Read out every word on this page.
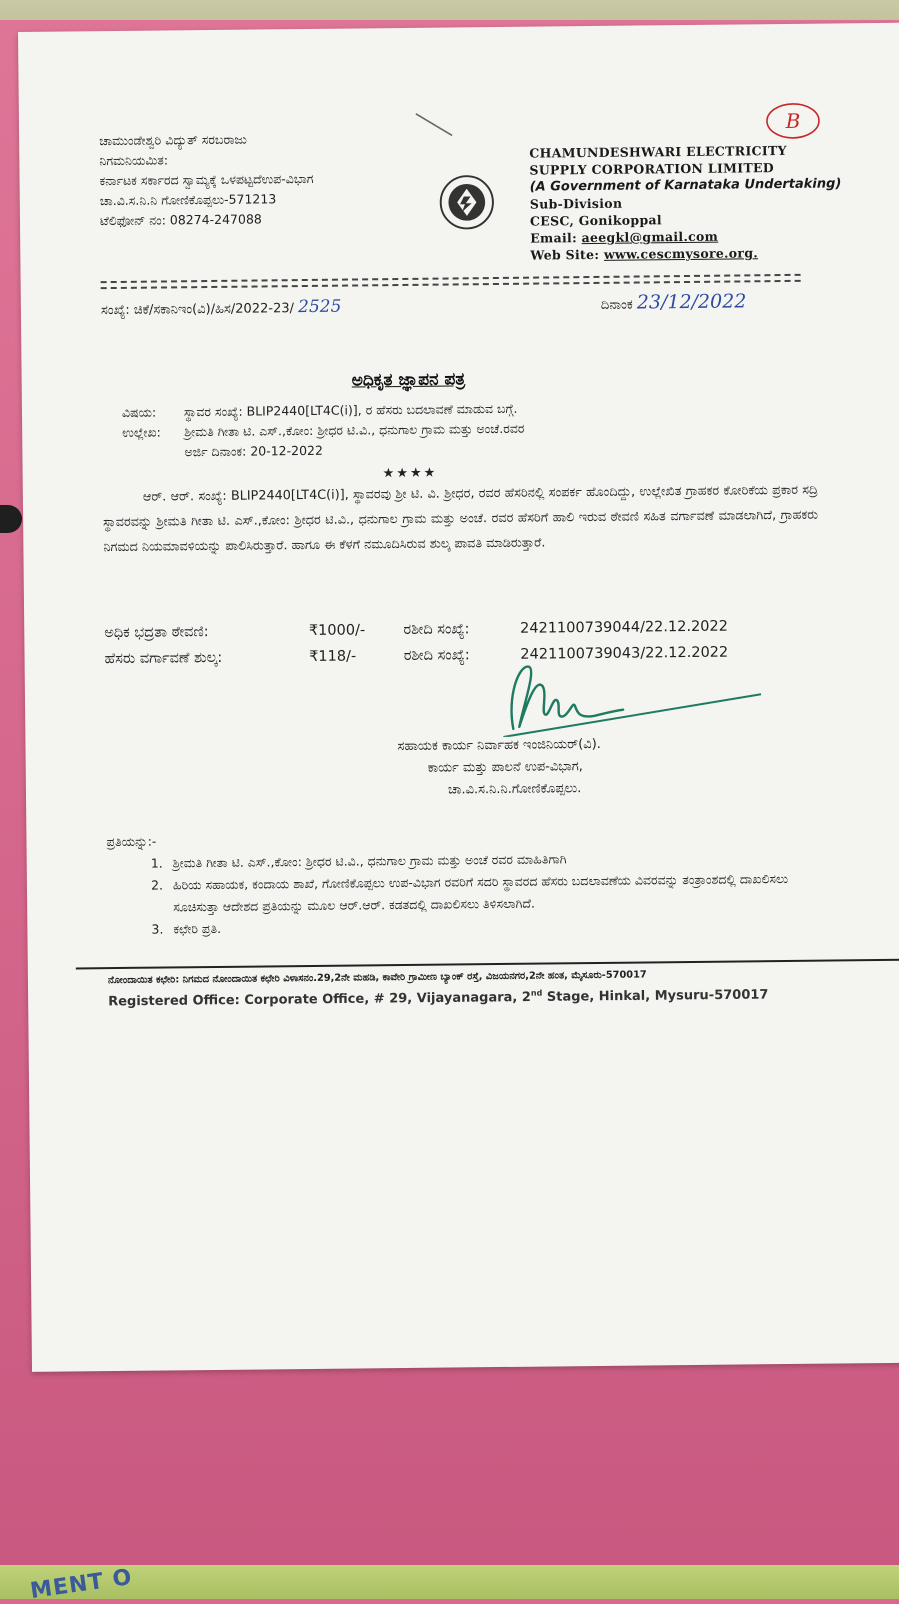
MENT O
ಚಾಮುಂಡೇಶ್ವರಿ ವಿದ್ಯುತ್ ಸರಬರಾಜು
ನಿಗಮನಿಯಮಿತ:
ಕರ್ನಾಟಕ ಸರ್ಕಾರದ ಸ್ವಾಮ್ಯಕ್ಕೆ ಒಳಪಟ್ಟದೆಉಪ-ವಿಭಾಗ
ಚಾ.ವಿ.ಸ.ನಿ.ನಿ ಗೋಣಿಕೊಪ್ಪಲು-571213
ಟೆಲಿಫೋನ್ ನಂ: 08274-247088
B
CHAMUNDESHWARI ELECTRICITY
SUPPLY CORPORATION LIMITED
(A Government of Karnataka Undertaking)
Sub-Division
CESC, Gonikoppal
Email: aeegkl@gmail.com
Web Site: www.cescmysore.org.
ಸಂಖ್ಯೆ: ಚಿಕೆ/ಸಕಾನಿಇಂ(ವಿ)/ಹಿಸ/2022-23/ 2525	ದಿನಾಂಕ 23/12/2022
ಅಧಿಕೃತ ಜ್ಞಾಪನ ಪತ್ರ
ವಿಷಯ: ಸ್ಥಾವರ ಸಂಖ್ಯೆ: BLIP2440[LT4C(i)], ರ ಹೆಸರು ಬದಲಾವಣೆ ಮಾಡುವ ಬಗ್ಗೆ.
ಉಲ್ಲೇಖ: ಶ್ರೀಮತಿ ಗೀತಾ ಟಿ. ಎಸ್.,ಕೋಂ: ಶ್ರೀಧರ ಟಿ.ವಿ., ಧನುಗಾಲ ಗ್ರಾಮ ಮತ್ತು ಅಂಚೆ.ರವರ
ಅರ್ಜಿ ದಿನಾಂಕ: 20-12-2022
★★★★
ಆರ್. ಆರ್. ಸಂಖ್ಯೆ: BLIP2440[LT4C(i)], ಸ್ಥಾವರವು ಶ್ರೀ ಟಿ. ವಿ. ಶ್ರೀಧರ, ರವರ ಹೆಸರಿನಲ್ಲಿ ಸಂಪರ್ಕ ಹೊಂದಿದ್ದು, ಉಲ್ಲೇಖಿತ ಗ್ರಾಹಕರ ಕೋರಿಕೆಯ ಪ್ರಕಾರ ಸದ್ರಿ ಸ್ಥಾವರವನ್ನು ಶ್ರೀಮತಿ ಗೀತಾ ಟಿ. ಎಸ್.,ಕೋಂ: ಶ್ರೀಧರ ಟಿ.ವಿ., ಧನುಗಾಲ ಗ್ರಾಮ ಮತ್ತು ಅಂಚೆ. ರವರ ಹೆಸರಿಗೆ ಹಾಲಿ ಇರುವ ಠೇವಣಿ ಸಹಿತ ವರ್ಗಾವಣೆ ಮಾಡಲಾಗಿದೆ, ಗ್ರಾಹಕರು ನಿಗಮದ ನಿಯಮಾವಳಿಯನ್ನು ಪಾಲಿಸಿರುತ್ತಾರೆ. ಹಾಗೂ ಈ ಕೆಳಗೆ ನಮೂದಿಸಿರುವ ಶುಲ್ಕ ಪಾವತಿ ಮಾಡಿರುತ್ತಾರೆ.
ಅಧಿಕ ಭದ್ರತಾ ಠೇವಣಿ:	₹1000/-	ರಶೀದಿ ಸಂಖ್ಯೆ:	2421100739044/22.12.2022
ಹೆಸರು ವರ್ಗಾವಣೆ ಶುಲ್ಕ:	₹118/-	ರಶೀದಿ ಸಂಖ್ಯೆ:	2421100739043/22.12.2022
ಸಹಾಯಕ ಕಾರ್ಯ ನಿರ್ವಾಹಕ ಇಂಜಿನಿಯರ್(ವಿ).
ಕಾರ್ಯ ಮತ್ತು ಪಾಲನೆ ಉಪ-ವಿಭಾಗ,
ಚಾ.ವಿ.ಸ.ನಿ.ನಿ.ಗೋಣಿಕೊಪ್ಪಲು.
ಪ್ರತಿಯನ್ನು:-
1. ಶ್ರೀಮತಿ ಗೀತಾ ಟಿ. ಎಸ್.,ಕೋಂ: ಶ್ರೀಧರ ಟಿ.ವಿ., ಧನುಗಾಲ ಗ್ರಾಮ ಮತ್ತು ಅಂಚೆ ರವರ ಮಾಹಿತಿಗಾಗಿ
2. ಹಿರಿಯ ಸಹಾಯಕ, ಕಂದಾಯ ಶಾಖೆ, ಗೋಣಿಕೊಪ್ಪಲು ಉಪ-ವಿಭಾಗ ರವರಿಗೆ ಸದರಿ ಸ್ಥಾವರದ ಹೆಸರು ಬದಲಾವಣೆಯ ವಿವರವನ್ನು ತಂತ್ರಾಂಶದಲ್ಲಿ ದಾಖಲಿಸಲು ಸೂಚಿಸುತ್ತಾ ಆದೇಶದ ಪ್ರತಿಯನ್ನು ಮೂಲ ಆರ್.ಆರ್. ಕಡತದಲ್ಲಿ ದಾಖಲಿಸಲು ತಿಳಿಸಲಾಗಿದೆ.
3. ಕಛೇರಿ ಪ್ರತಿ.
ನೋಂದಾಯಿತ ಕಛೇರಿ: ನಿಗಮದ ನೋಂದಾಯಿತ ಕಛೇರಿ ವಿಳಾಸನಂ.29,2ನೇ ಮಹಡಿ, ಕಾವೇರಿ ಗ್ರಾಮೀಣ ಬ್ಯಾಂಕ್ ರಸ್ತೆ, ವಿಜಯನಗರ,2ನೇ ಹಂತ, ಮೈಸೂರು-570017
Registered Office: Corporate Office, # 29, Vijayanagara, 2nd Stage, Hinkal, Mysuru-570017
